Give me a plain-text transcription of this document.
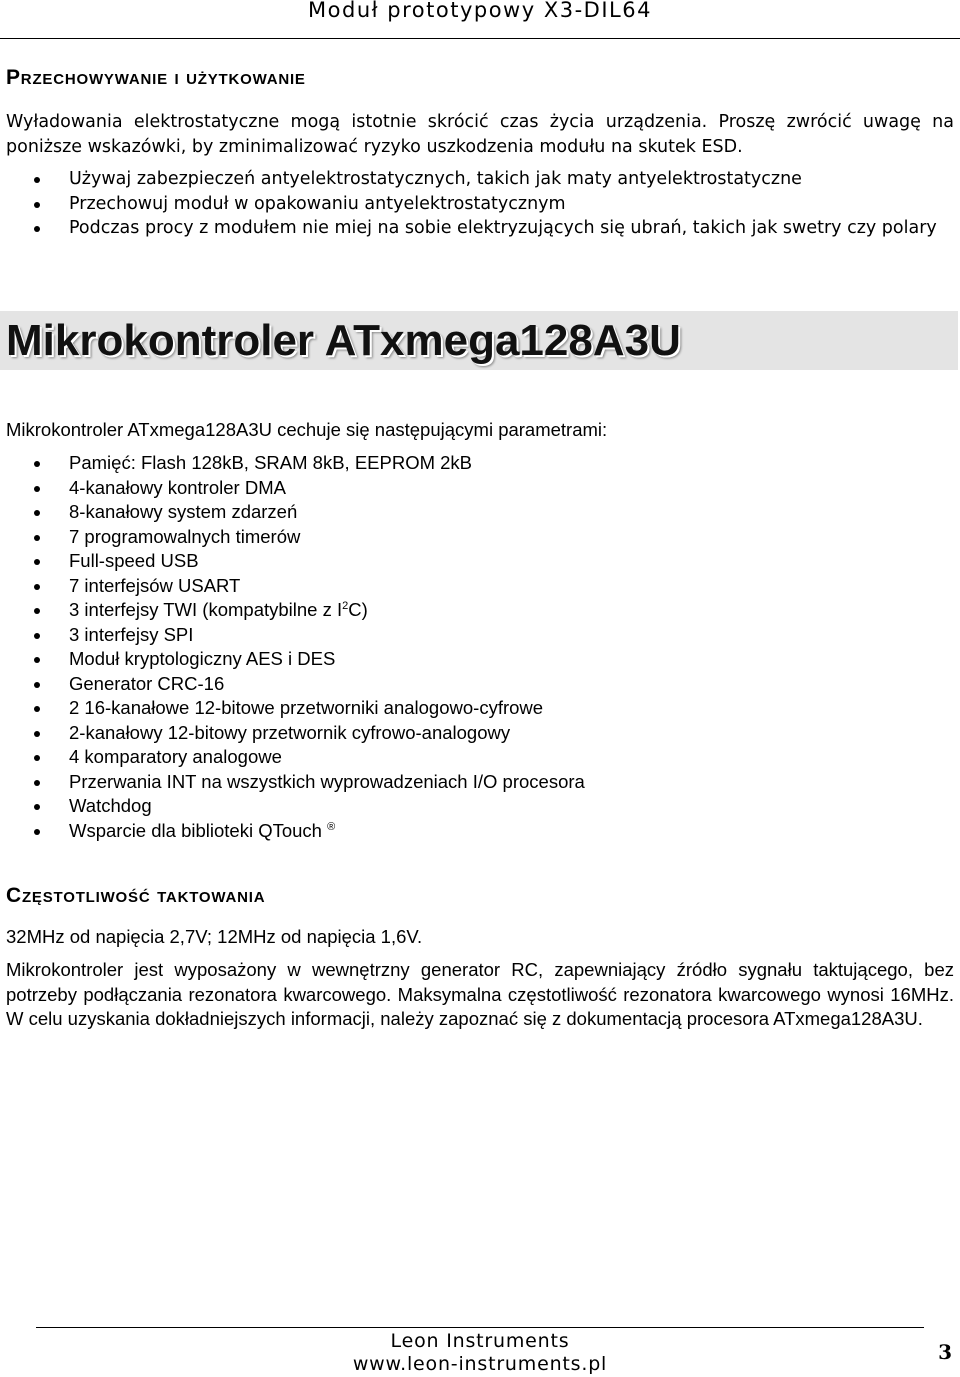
Moduł prototypowy X3-DIL64
Przechowywanie i użytkowanie
Wyładowania elektrostatyczne mogą istotnie skrócić czas życia urządzenia. Proszę zwrócić uwagę na poniższe wskazówki, by zminimalizować ryzyko uszkodzenia modułu na skutek ESD.
Używaj zabezpieczeń antyelektrostatycznych, takich jak maty antyelektrostatyczne
Przechowuj moduł w opakowaniu antyelektrostatycznym
Podczas procy z modułem nie miej na sobie elektryzujących się ubrań, takich jak swetry czy polary
Mikrokontroler ATxmega128A3U
Mikrokontroler ATxmega128A3U cechuje się następującymi parametrami:
Pamięć: Flash 128kB, SRAM 8kB, EEPROM 2kB
4-kanałowy kontroler DMA
8-kanałowy system zdarzeń
7 programowalnych timerów
Full-speed USB
7 interfejsów USART
3 interfejsy TWI (kompatybilne z $I^2C$)
3 interfejsy SPI
Moduł kryptologiczny AES i DES
Generator CRC-16
2 16-kanałowe 12-bitowe przetworniki analogowo-cyfrowe
2-kanałowy 12-bitowy przetwornik cyfrowo-analogowy
4 komparatory analogowe
Przerwania INT na wszystkich wyprowadzeniach I/O procesora
Watchdog
Wsparcie dla biblioteki QTouch ®
Częstotliwość taktowania
32MHz od napięcia 2,7V; 12MHz od napięcia 1,6V.
Mikrokontroler jest wyposażony w wewnętrzny generator RC, zapewniający źródło sygnału taktującego, bez potrzeby podłączania rezonatora kwarcowego. Maksymalna częstotliwość rezonatora kwarcowego wynosi 16MHz. W celu uzyskania dokładniejszych informacji, należy zapoznać się z dokumentacją procesora ATxmega128A3U.
Leon Instruments
www.leon-instruments.pl	3
